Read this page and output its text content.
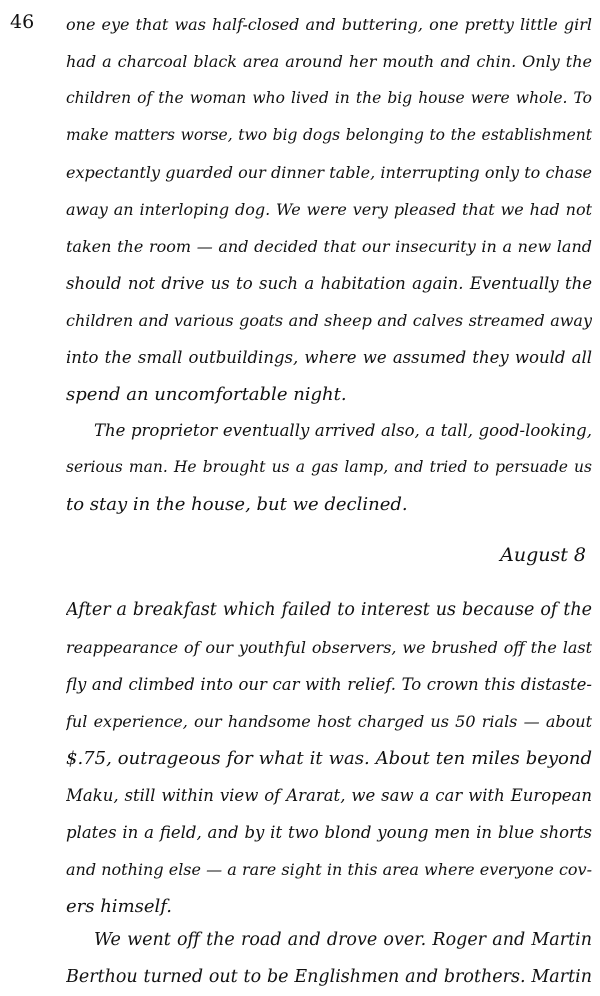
46 one eye that was half-closed and buttering, one pretty little girl
had a charcoal black area around her mouth and chin. Only the
children of the woman who lived in the big house were whole. To
make matters worse, two big dogs belonging to the establishment
expectantly guarded our dinner table, interrupting only to chase
away an interloping dog. We were very pleased that we had not
taken the room — and decided that our insecurity in a new land
should not drive us to such a habitation again. Eventually the
children and various goats and sheep and calves streamed away
into the small outbuildings, where we assumed they would all
spend an uncomfortable night.
The proprietor eventually arrived also, a tall, good-looking,
serious man. He brought us a gas lamp, and tried to persuade us
to stay in the house, but we declined.
August 8
After a breakfast which failed to interest us because of the
reappearance of our youthful observers, we brushed off the last
fly and climbed into our car with relief. To crown this distaste-
ful experience, our handsome host charged us 50 rials — about
$.75, outrageous for what it was. About ten miles beyond
Maku, still within view of Ararat, we saw a car with European
plates in a field, and by it two blond young men in blue shorts
and nothing else — a rare sight in this area where everyone cov-
ers himself.
We went off the road and drove over. Roger and Martin
Berthou turned out to be Englishmen and brothers. Martin
